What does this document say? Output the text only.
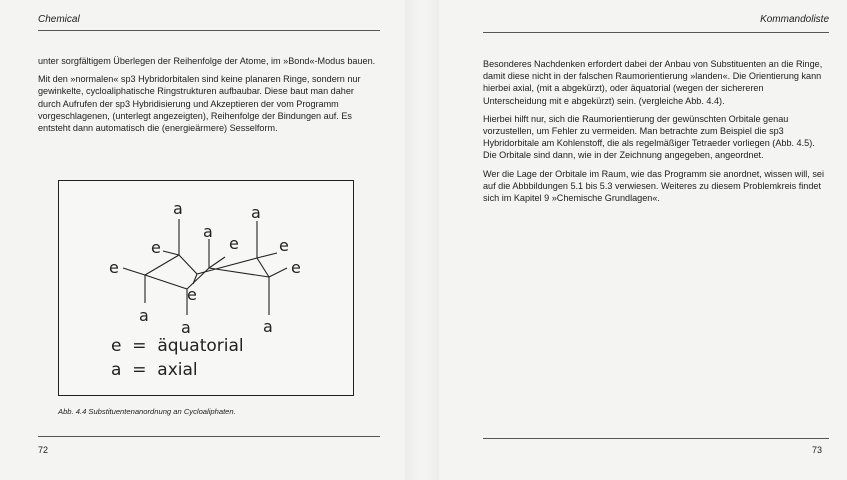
Chemical

unter sorgfältigem Überlegen der Reihenfolge der Atome, im »Bond«-Modus bauen.

Mit den »normalen« sp3 Hybridorbitalen sind keine planaren Ringe, sondern nur gewinkelte, cycloaliphatische Ringstrukturen aufbaubar. Diese baut man daher durch Aufrufen der sp3 Hybridisierung und Akzeptieren der vom Programm vorgeschlagenen, (unterlegt angezeigten), Reihenfolge der Bindungen auf. Es entsteht dann automatisch die (energieärmere) Sesselform.

a	a
a
a	a
a
e
e
e
e
e
e
e  =  äquatorial
a  =  axial
Abb. 4.4 Substituentenanordnung an Cycloaliphaten.
72
Kommandoliste

Besonderes Nachdenken erfordert dabei der Anbau von Substituenten an die Ringe, damit diese nicht in der falschen Raumorientierung »landen«. Die Orientierung kann hierbei axial, (mit a abgekürzt), oder äquatorial (wegen der sichereren Unterscheidung mit e abgekürzt) sein. (vergleiche Abb. 4.4).

Hierbei hilft nur, sich die Raumorientierung der gewünschten Orbitale genau vorzustellen, um Fehler zu vermeiden. Man betrachte zum Beispiel die sp3 Hybridorbitale am Kohlenstoff, die als regelmäßiger Tetraeder vorliegen (Abb. 4.5). Die Orbitale sind dann, wie in der Zeichnung angegeben, angeordnet.

Wer die Lage der Orbitale im Raum, wie das Programm sie anordnet, wissen will, sei auf die Abbbildungen 5.1 bis 5.3 verwiesen. Weiteres zu diesem Problemkreis findet sich im Kapitel 9 »Chemische Grundlagen«.

73
